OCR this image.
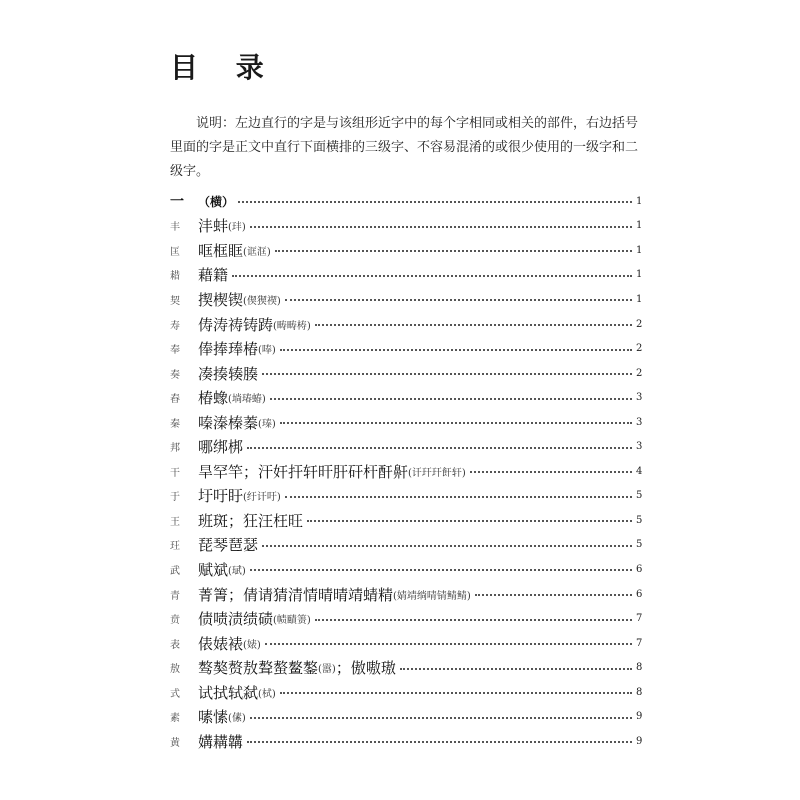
目 录

说明：左边直行的字是与该组形近字中的每个字相同或相关的部件，右边括号里面的字是正文中直行下面横排的三级字、不容易混淆的或很少使用的一级字和二级字。

一	（横）	1
丰	沣蚌 (玤)	1
匡	哐框眶 (诓洭)	1
耤	藉籍	1
契	揳楔锲 (偰猰禊)	1
寿	俦涛祷铸踌 (畴畴梼)	2
奉	俸捧琫椿 (唪)	2
奏	凑揍辏腠	2
舂	椿蟓 (埫瑃蝽)	3
秦	嗪溱榛蓁 (瑧)	3
邦	哪绑梆	3
干	旱罕竿；汗奸扞轩旰肝矸杆酐鼾 (讦玕玕飦轩)	4
于	圩吁盱 (纡讦吁)	5
王	班斑；狂汪枉旺	5
玨	琵琴琶瑟	5
武	赋斌 (珷)	6
青	菁箐；倩请猜清情晴晴靖蜻精 (婧靖绱啨锖鲭鲭)	6
贲	债啧渍绩碛 (帻賾箦)	7
表	俵婊裱 (婊)	7
敖	骜獒赘敖聱螯鳌鏊 (嚣) ；傲嗷璈	8
式	试拭轼弑 (栻)	8
素	嗉愫 (傃)	9
黄	媾耩韝	9
